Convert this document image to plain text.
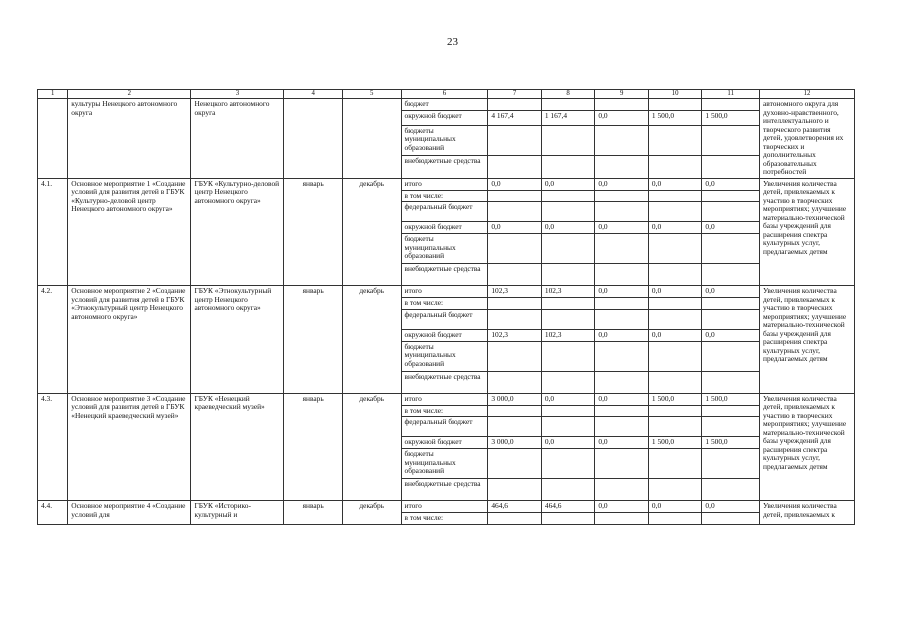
23
1	2	3	4	5	6	7	8	9	10	11	12
	культуры Ненецкого автономного округа	Ненецкого автономного округа			бюджет						автономного округа для духовно-нравственного, интеллектуального и творческого развития детей, удовлетворения их творческих и дополнительных образовательных потребностей
					окружной бюджет	4 167,4	1 167,4	0,0	1 500,0	1 500,0	
					бюджеты муниципальных образований						
					внебюджетные средства						
4.1.	Основное мероприятие 1 «Создание условий для развития детей в ГБУК «Культурно-деловой центр Ненецкого автономного округа»	ГБУК «Культурно-деловой центр Ненецкого автономного округа»	январь	декабрь	итого	0,0	0,0	0,0	0,0	0,0	Увеличения количества детей, привлекаемых к участию в творческих мероприятиях; улучшение материально-технической базы учреждений для расширения спектра культурных услуг, предлагаемых детям
					в том числе:						
					федеральный бюджет						
					окружной бюджет	0,0	0,0	0,0	0,0	0,0	
					бюджеты муниципальных образований						
					внебюджетные средства						
4.2.	Основное мероприятие 2 «Создание условий для развития детей в ГБУК «Этнокультурный центр Ненецкого автономного округа»	ГБУК «Этнокультурный центр Ненецкого автономного округа»	январь	декабрь	итого	102,3	102,3	0,0	0,0	0,0	Увеличения количества детей, привлекаемых к участию в творческих мероприятиях; улучшение материально-технической базы учреждений для расширения спектра культурных услуг, предлагаемых детям
					в том числе:						
					федеральный бюджет						
					окружной бюджет	102,3	102,3	0,0	0,0	0,0	
					бюджеты муниципальных образований						
					внебюджетные средства						
4.3.	Основное мероприятие 3 «Создание условий для развития детей в ГБУК «Ненецкий краеведческий музей»	ГБУК «Ненецкий краеведческий музей»	январь	декабрь	итого	3 000,0	0,0	0,0	1 500,0	1 500,0	Увеличения количества детей, привлекаемых к участию в творческих мероприятиях; улучшение материально-технической базы учреждений для расширения спектра культурных услуг, предлагаемых детям
					в том числе:						
					федеральный бюджет						
					окружной бюджет	3 000,0	0,0	0,0	1 500,0	1 500,0	
					бюджеты муниципальных образований						
					внебюджетные средства						
4.4.	Основное мероприятие 4 «Создание условий для	ГБУК «Историко-культурный и	январь	декабрь	итого	464,6	464,6	0,0	0,0	0,0	Увеличения количества детей, привлекаемых к
					в том числе:						
